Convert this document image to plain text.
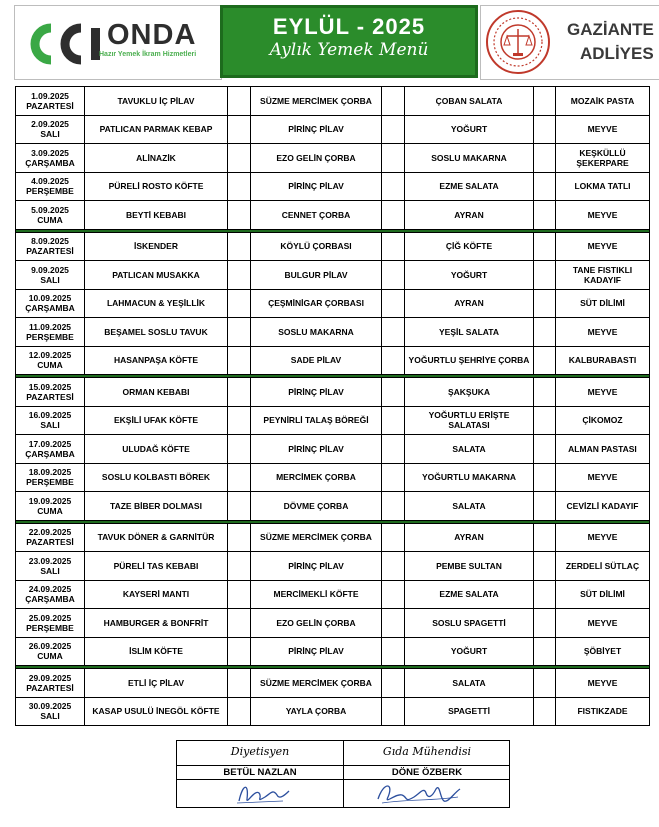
ONDA
Hazır Yemek İkram Hizmetleri
EYLÜL - 2025
Aylık Yemek Menü
GAZİANTE
ADLİYES
1.09.2025
PAZARTESİ	TAVUKLU İÇ PİLAV		SÜZME MERCİMEK ÇORBA		ÇOBAN SALATA		MOZAİK PASTA

2.09.2025
SALI	PATLICAN PARMAK KEBAP		PİRİNÇ PİLAV		YOĞURT		MEYVE

3.09.2025
ÇARŞAMBA	ALİNAZİK		EZO GELİN ÇORBA		SOSLU MAKARNA		KEŞKÜLLÜ ŞEKERPARE

4.09.2025
PERŞEMBE	PÜRELİ ROSTO KÖFTE		PİRİNÇ PİLAV		EZME SALATA		LOKMA TATLI

5.09.2025
CUMA	BEYTİ KEBABI		CENNET ÇORBA		AYRAN		MEYVE

8.09.2025
PAZARTESİ	İSKENDER		KÖYLÜ ÇORBASI		ÇİĞ KÖFTE		MEYVE

9.09.2025
SALI	PATLICAN MUSAKKA		BULGUR PİLAV		YOĞURT		TANE FISTIKLI KADAYIF

10.09.2025
ÇARŞAMBA	LAHMACUN & YEŞİLLİK		ÇEŞMİNİGAR ÇORBASI		AYRAN		SÜT DİLİMİ

11.09.2025
PERŞEMBE	BEŞAMEL SOSLU TAVUK		SOSLU MAKARNA		YEŞİL SALATA		MEYVE

12.09.2025
CUMA	HASANPAŞA KÖFTE		SADE PİLAV		YOĞURTLU ŞEHRİYE ÇORBA		KALBURABASTI

15.09.2025
PAZARTESİ	ORMAN KEBABI		PİRİNÇ PİLAV		ŞAKŞUKA		MEYVE

16.09.2025
SALI	EKŞİLİ UFAK KÖFTE		PEYNİRLİ TALAŞ BÖREĞİ		YOĞURTLU ERİŞTE SALATASI		ÇİKOMOZ

17.09.2025
ÇARŞAMBA	ULUDAĞ KÖFTE		PİRİNÇ PİLAV		SALATA		ALMAN PASTASI

18.09.2025
PERŞEMBE	SOSLU KOLBASTI BÖREK		MERCİMEK ÇORBA		YOĞURTLU MAKARNA		MEYVE

19.09.2025
CUMA	TAZE BİBER DOLMASI		DÖVME ÇORBA		SALATA		CEVİZLİ KADAYIF

22.09.2025
PAZARTESİ	TAVUK DÖNER & GARNİTÜR		SÜZME MERCİMEK ÇORBA		AYRAN		MEYVE

23.09.2025
SALI	PÜRELİ TAS KEBABI		PİRİNÇ PİLAV		PEMBE SULTAN		ZERDELİ SÜTLAÇ

24.09.2025
ÇARŞAMBA	KAYSERİ MANTI		MERCİMEKLİ KÖFTE		EZME SALATA		SÜT DİLİMİ

25.09.2025
PERŞEMBE	HAMBURGER & BONFRİT		EZO GELİN ÇORBA		SOSLU SPAGETTİ		MEYVE

26.09.2025
CUMA	İSLİM KÖFTE		PİRİNÇ PİLAV		YOĞURT		ŞÖBİYET

29.09.2025
PAZARTESİ	ETLİ İÇ PİLAV		SÜZME MERCİMEK ÇORBA		SALATA		MEYVE

30.09.2025
SALI	KASAP USULÜ İNEGÖL KÖFTE		YAYLA ÇORBA		SPAGETTİ		FISTIKZADE
Diyetisyen
BETÜL NAZLAN
Gıda Mühendisi
DÖNE ÖZBERK
